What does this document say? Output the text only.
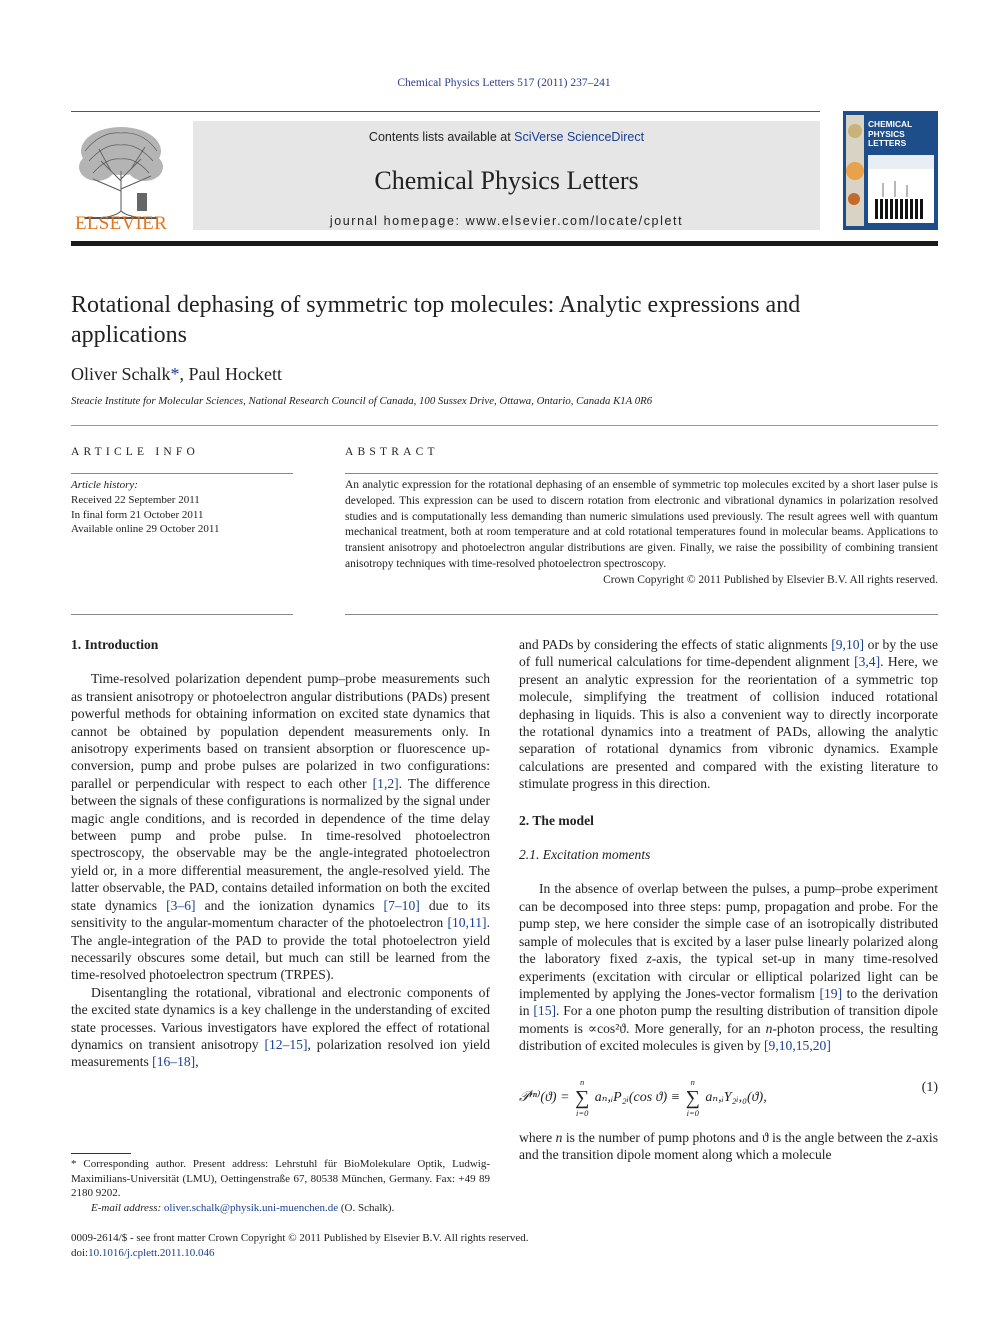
Chemical Physics Letters 517 (2011) 237–241
ELSEVIER
Contents lists available at SciVerse ScienceDirect
Chemical Physics Letters
journal homepage: www.elsevier.com/locate/cplett
CHEMICAL
PHYSICS
LETTERS
Rotational dephasing of symmetric top molecules: Analytic expressions and applications
Oliver Schalk*, Paul Hockett
Steacie Institute for Molecular Sciences, National Research Council of Canada, 100 Sussex Drive, Ottawa, Ontario, Canada K1A 0R6
ARTICLE INFO	ABSTRACT
Article history:
Received 22 September 2011
In final form 21 October 2011
Available online 29 October 2011
An analytic expression for the rotational dephasing of an ensemble of symmetric top molecules excited by a short laser pulse is developed. This expression can be used to discern rotation from electronic and vibrational dynamics in polarization resolved studies and is computationally less demanding than numeric simulations used previously. The result agrees well with quantum mechanical treatment, both at room temperature and at cold rotational temperatures found in molecular beams. Applications to transient anisotropy and photoelectron angular distributions are given. Finally, we raise the possibility of combining transient anisotropy techniques with time-resolved photoelectron spectroscopy.
Crown Copyright © 2011 Published by Elsevier B.V. All rights reserved.
1. Introduction
Time-resolved polarization dependent pump–probe measurements such as transient anisotropy or photoelectron angular distributions (PADs) present powerful methods for obtaining information on excited state dynamics that cannot be obtained by population dependent measurements only. In anisotropy experiments based on transient absorption or fluorescence up-conversion, pump and probe pulses are polarized in two configurations: parallel or perpendicular with respect to each other [1,2]. The difference between the signals of these configurations is normalized by the signal under magic angle conditions, and is recorded in dependence of the time delay between pump and probe pulse. In time-resolved photoelectron spectroscopy, the observable may be the angle-integrated photoelectron yield or, in a more differential measurement, the angle-resolved yield. The latter observable, the PAD, contains detailed information on both the excited state dynamics [3–6] and the ionization dynamics [7–10] due to its sensitivity to the angular-momentum character of the photoelectron [10,11]. The angle-integration of the PAD to provide the total photoelectron yield necessarily obscures some detail, but much can still be learned from the time-resolved photoelectron spectrum (TRPES).
Disentangling the rotational, vibrational and electronic components of the excited state dynamics is a key challenge in the understanding of excited state processes. Various investigators have explored the effect of rotational dynamics on transient anisotropy [12–15], polarization resolved ion yield measurements [16–18],
and PADs by considering the effects of static alignments [9,10] or by the use of full numerical calculations for time-dependent alignment [3,4]. Here, we present an analytic expression for the reorientation of a symmetric top molecule, simplifying the treatment of collision induced rotational dephasing in liquids. This is also a convenient way to directly incorporate the rotational dynamics into a treatment of PADs, allowing the analytic separation of rotational dynamics from vibronic dynamics. Example calculations are presented and compared with the existing literature to stimulate progress in this direction.
2. The model
2.1. Excitation moments
In the absence of overlap between the pulses, a pump–probe experiment can be decomposed into three steps: pump, propagation and probe. For the pump step, we here consider the simple case of an isotropically distributed sample of molecules that is excited by a laser pulse linearly polarized along the laboratory fixed z-axis, the typical set-up in many time-resolved experiments (excitation with circular or elliptical polarized light can be implemented by applying the Jones-vector formalism [19] to the derivation in [15]. For a one photon pump the resulting distribution of transition dipole moments is ∝cos²ϑ. More generally, for an n-photon process, the resulting distribution of excited molecules is given by [9,10,15,20]
𝒫⁽ⁿ⁾(ϑ) =
n
∑
i=0
aₙ,ᵢP₂ᵢ(cos ϑ) ≡
n
∑
i=0
aₙ,ᵢY₂ᵢ,₀(ϑ),
(1)
where n is the number of pump photons and ϑ is the angle between the z-axis and the transition dipole moment along which a molecule
* Corresponding author. Present address: Lehrstuhl für BioMolekulare Optik, Ludwig-Maximilians-Universität (LMU), Oettingenstraße 67, 80538 München, Germany. Fax: +49 89 2180 9202.
E-mail address: oliver.schalk@physik.uni-muenchen.de (O. Schalk).
0009-2614/$ - see front matter Crown Copyright © 2011 Published by Elsevier B.V. All rights reserved.
doi:10.1016/j.cplett.2011.10.046
